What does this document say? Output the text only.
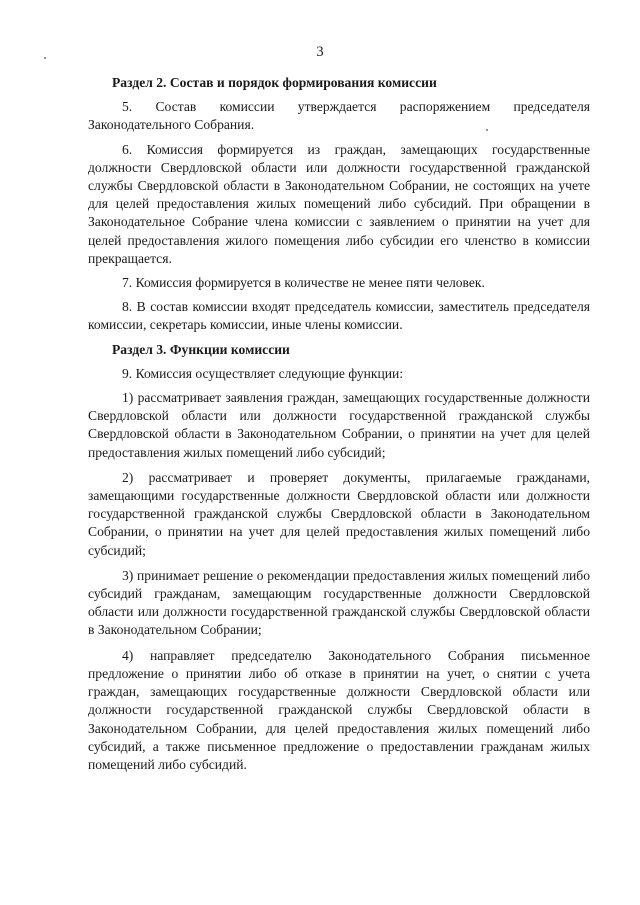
3
Раздел 2. Состав и порядок формирования комиссии

5. Состав комиссии утверждается распоряжением председателя Законодательного Собрания.

6. Комиссия формируется из граждан, замещающих государственные должности Свердловской области или должности государственной гражданской службы Свердловской области в Законодательном Собрании, не состоящих на учете для целей предоставления жилых помещений либо субсидий. При обращении в Законодательное Собрание члена комиссии с заявлением о принятии на учет для целей предоставления жилого помещения либо субсидии его членство в комиссии прекращается.

7. Комиссия формируется в количестве не менее пяти человек.

8. В состав комиссии входят председатель комиссии, заместитель председателя комиссии, секретарь комиссии, иные члены комиссии.

Раздел 3. Функции комиссии

9. Комиссия осуществляет следующие функции:

1) рассматривает заявления граждан, замещающих государственные должности Свердловской области или должности государственной гражданской службы Свердловской области в Законодательном Собрании, о принятии на учет для целей предоставления жилых помещений либо субсидий;

2) рассматривает и проверяет документы, прилагаемые гражданами, замещающими государственные должности Свердловской области или должности государственной гражданской службы Свердловской области в Законодательном Собрании, о принятии на учет для целей предоставления жилых помещений либо субсидий;

3) принимает решение о рекомендации предоставления жилых помещений либо субсидий гражданам, замещающим государственные должности Свердловской области или должности государственной гражданской службы Свердловской области в Законодательном Собрании;

4) направляет председателю Законодательного Собрания письменное предложение о принятии либо об отказе в принятии на учет, о снятии с учета граждан, замещающих государственные должности Свердловской области или должности государственной гражданской службы Свердловской области в Законодательном Собрании, для целей предоставления жилых помещений либо субсидий, а также письменное предложение о предоставлении гражданам жилых помещений либо субсидий.
